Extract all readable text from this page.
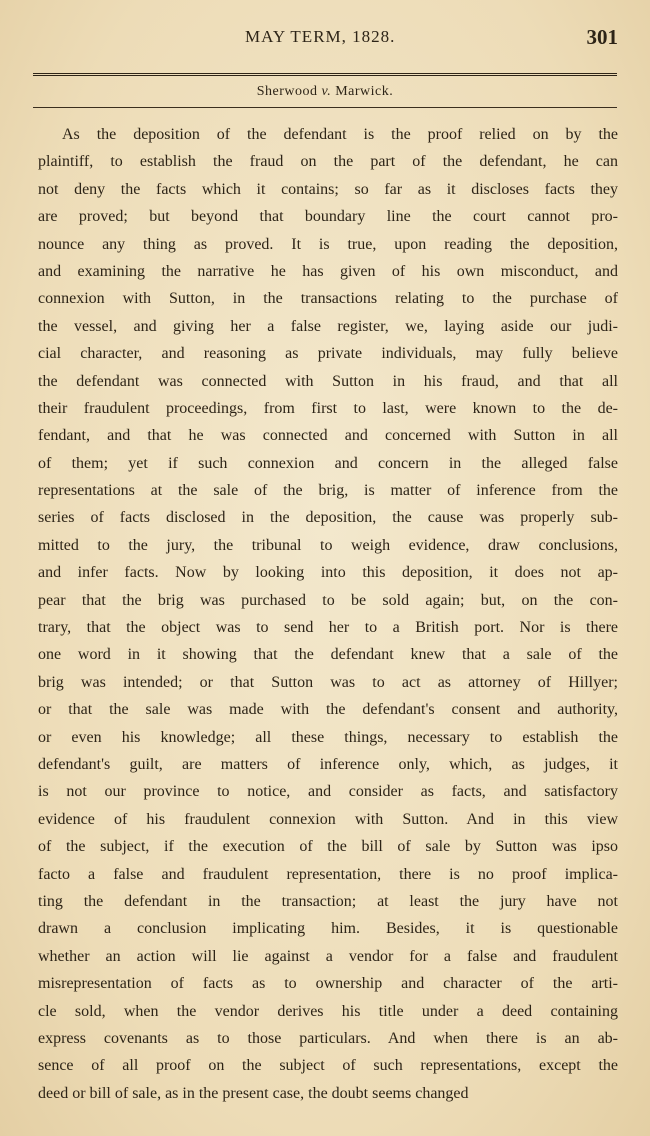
MAY TERM, 1828.	301
Sherwood v. Marwick.
As the deposition of the defendant is the proof relied on by the
plaintiff, to establish the fraud on the part of the defendant, he can
not deny the facts which it contains; so far as it discloses facts they
are proved; but beyond that boundary line the court cannot pro-
nounce any thing as proved. It is true, upon reading the deposition,
and examining the narrative he has given of his own misconduct, and
connexion with Sutton, in the transactions relating to the purchase of
the vessel, and giving her a false register, we, laying aside our judi-
cial character, and reasoning as private individuals, may fully believe
the defendant was connected with Sutton in his fraud, and that all
their fraudulent proceedings, from first to last, were known to the de-
fendant, and that he was connected and concerned with Sutton in all
of them; yet if such connexion and concern in the alleged false
representations at the sale of the brig, is matter of inference from the
series of facts disclosed in the deposition, the cause was properly sub-
mitted to the jury, the tribunal to weigh evidence, draw conclusions,
and infer facts. Now by looking into this deposition, it does not ap-
pear that the brig was purchased to be sold again; but, on the con-
trary, that the object was to send her to a British port. Nor is there
one word in it showing that the defendant knew that a sale of the
brig was intended; or that Sutton was to act as attorney of Hillyer;
or that the sale was made with the defendant's consent and authority,
or even his knowledge; all these things, necessary to establish the
defendant's guilt, are matters of inference only, which, as judges, it
is not our province to notice, and consider as facts, and satisfactory
evidence of his fraudulent connexion with Sutton. And in this view
of the subject, if the execution of the bill of sale by Sutton was ipso
facto a false and fraudulent representation, there is no proof implica-
ting the defendant in the transaction; at least the jury have not
drawn a conclusion implicating him. Besides, it is questionable
whether an action will lie against a vendor for a false and fraudulent
misrepresentation of facts as to ownership and character of the arti-
cle sold, when the vendor derives his title under a deed containing
express covenants as to those particulars. And when there is an ab-
sence of all proof on the subject of such representations, except the
deed or bill of sale, as in the present case, the doubt seems changed
